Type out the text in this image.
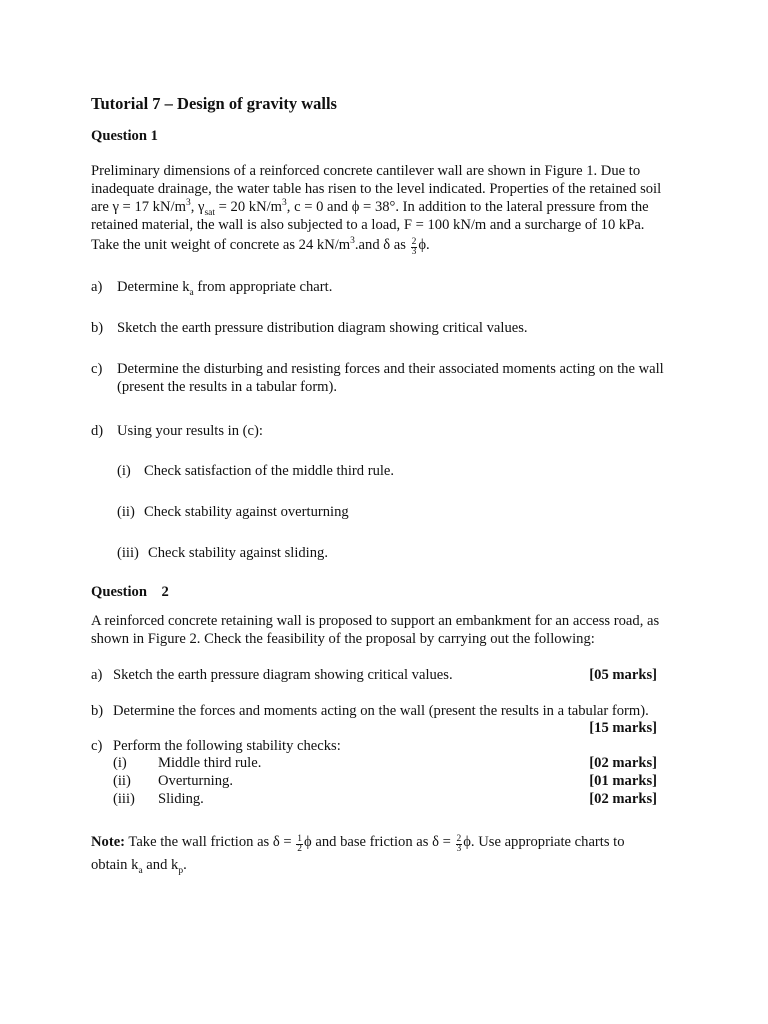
Tutorial 7 – Design of gravity walls
Question 1
Preliminary dimensions of a reinforced concrete cantilever wall are shown in Figure 1. Due to
inadequate drainage, the water table has risen to the level indicated. Properties of the retained soil
are γ = 17 $kN/m^3$, $\gamma_{sat} = 20$ $kN/m^3$, c = 0 and ϕ = 38°. In addition to the lateral pressure from the
retained material, the wall is also subjected to a load, F = 100 kN/m and a surcharge of 10 kPa.
Take the unit weight of concrete as 24 $kN/m^3.and$ δ as $\frac{2}{3} \phi$.
a) Determine $k_a$ from appropriate chart.
b) Sketch the earth pressure distribution diagram showing critical values.
c) Determine the disturbing and resisting forces and their associated moments acting on the wall
(present the results in a tabular form).
d) Using your results in (c):
(i) Check satisfaction of the middle third rule.
(ii) Check stability against overturning
(iii) Check stability against sliding.
Question    2
A reinforced concrete retaining wall is proposed to support an embankment for an access road, as
shown in Figure 2. Check the feasibility of the proposal by carrying out the following:
a) Sketch the earth pressure diagram showing critical values.	[05 marks]
b) Determine the forces and moments acting on the wall (present the results in a tabular form).
[15 marks]
c) Perform the following stability checks:
(i) Middle third rule.	[02 marks]
(ii) Overturning.	[01 marks]
(iii) Sliding.	[02 marks]
Note: Take the wall friction as $\delta = \frac{1}{2}$ ϕ and base friction as $\delta = \frac{2}{3} \phi$. Use appropriate charts to
obtain $k_a$ and $k_p$.
